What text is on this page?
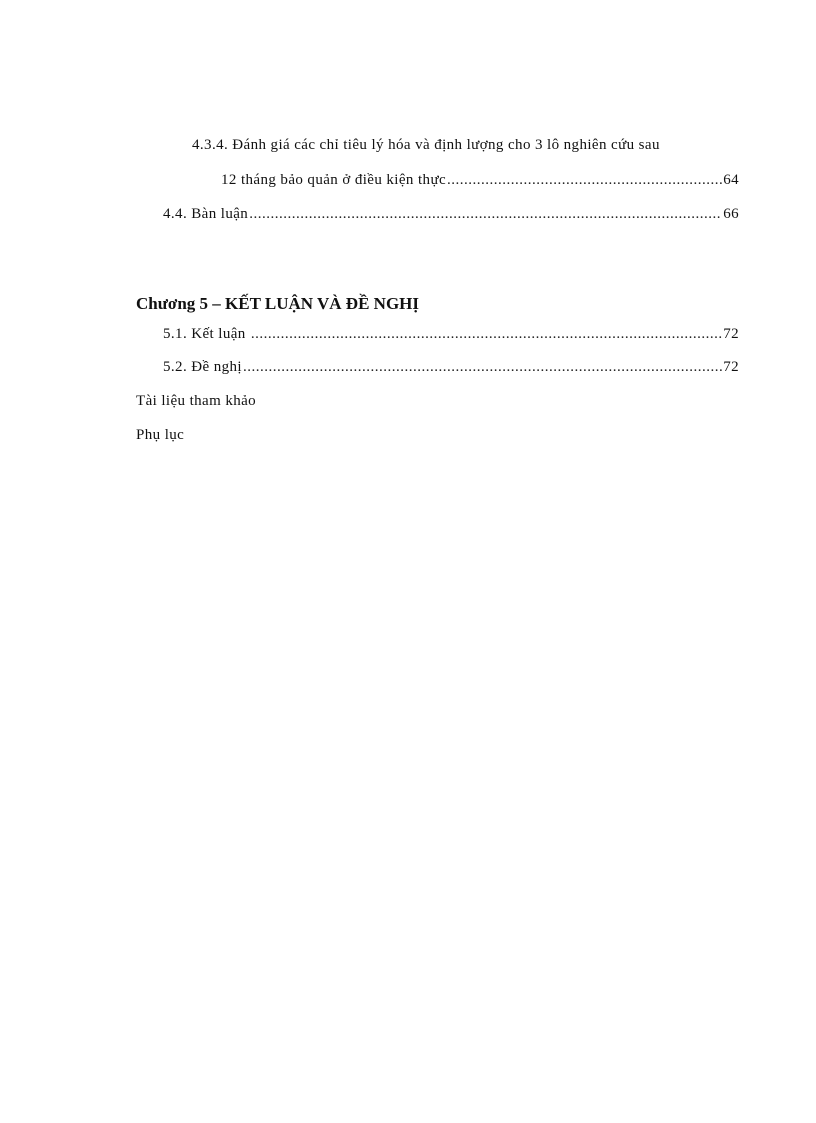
4.3.4. Đánh giá các chỉ tiêu lý hóa và định lượng cho 3 lô nghiên cứu sau
12 tháng bảo quản ở điều kiện thực .....	64
4.4. Bàn luận .....	66
Chương 5 – KẾT LUẬN VÀ ĐỀ NGHỊ
5.1. Kết luận .....	72
5.2. Đề nghị .....	72
Tài liệu tham khảo
Phụ lục
